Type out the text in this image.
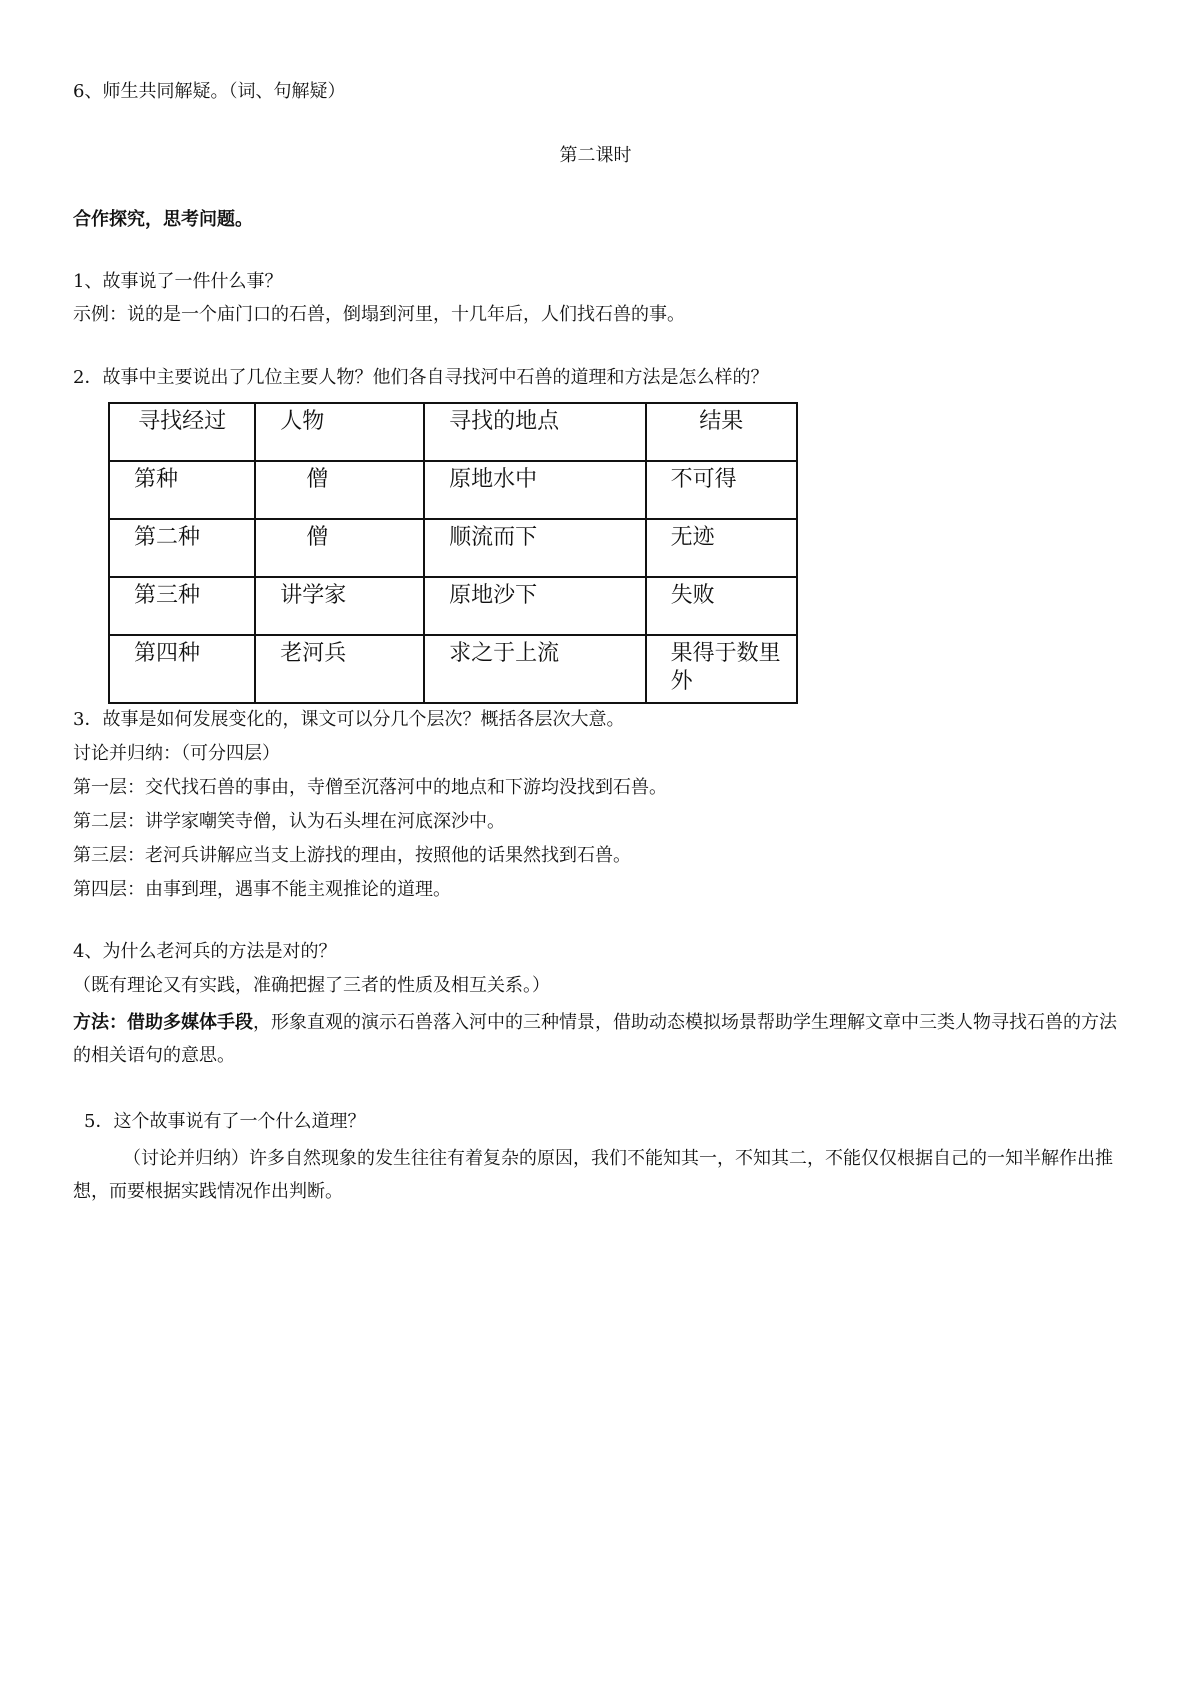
6、师生共同解疑。（词、句解疑）
第二课时
合作探究，思考问题。
1、故事说了一件什么事？
示例：说的是一个庙门口的石兽，倒塌到河里，十几年后，人们找石兽的事。
2．故事中主要说出了几位主要人物？他们各自寻找河中石兽的道理和方法是怎么样的？
寻找经过	人物	寻找的地点	结果
第种	僧	原地水中	不可得
第二种	僧	顺流而下	无迹
第三种	讲学家	原地沙下	失败
第四种	老河兵	求之于上流	果得于数里外
3．故事是如何发展变化的，课文可以分几个层次？概括各层次大意。
讨论并归纳：（可分四层）
第一层：交代找石兽的事由，寺僧至沉落河中的地点和下游均没找到石兽。
第二层：讲学家嘲笑寺僧，认为石头埋在河底深沙中。
第三层：老河兵讲解应当支上游找的理由，按照他的话果然找到石兽。
第四层：由事到理，遇事不能主观推论的道理。
4、为什么老河兵的方法是对的？
（既有理论又有实践，准确把握了三者的性质及相互关系。）
方法：借助多媒体手段，形象直观的演示石兽落入河中的三种情景，借助动态模拟场景帮助学生理解文章中三类人物寻找石兽的方法的相关语句的意思。
5．这个故事说有了一个什么道理？
（讨论并归纳）许多自然现象的发生往往有着复杂的原因，我们不能知其一，不知其二，不能仅仅根据自己的一知半解作出推想，而要根据实践情况作出判断。
